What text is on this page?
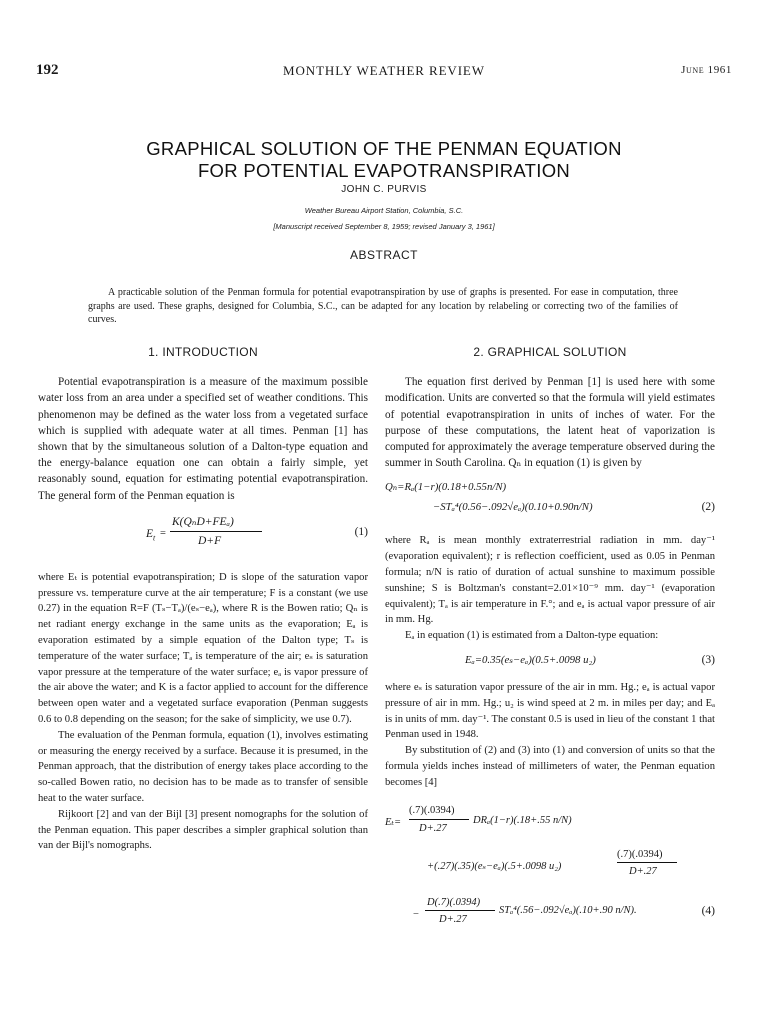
192	MONTHLY WEATHER REVIEW	June 1961
GRAPHICAL SOLUTION OF THE PENMAN EQUATION
FOR POTENTIAL EVAPOTRANSPIRATION
JOHN C. PURVIS
Weather Bureau Airport Station, Columbia, S.C.
[Manuscript received September 8, 1959; revised January 3, 1961]
ABSTRACT

A practicable solution of the Penman formula for potential evapotranspiration by use of graphs is presented. For ease in computation, three graphs are used. These graphs, designed for Columbia, S.C., can be adapted for any location by relabeling or correcting two of the families of curves.

1. INTRODUCTION

Potential evapotranspiration is a measure of the maximum possible water loss from an area under a specified set of weather conditions. This phenomenon may be defined as the water loss from a vegetated surface which is supplied with adequate water at all times. Penman [1] has shown that by the simultaneous solution of a Dalton-type equation and the energy-balance equation one can obtain a fairly simple, yet reasonably sound, equation for estimating potential evapotranspiration. The general form of the Penman equation is

$E_t$ =
K(QₙD+FEₐ)
D+F
(1)

where Eₜ is potential evapotranspiration; D is slope of the saturation vapor pressure vs. temperature curve at the air temperature; F is a constant (we use 0.27) in the equation R=F (Tₛ−Tₐ)/(eₛ−eₐ), where R is the Bowen ratio; Qₙ is net radiant energy exchange in the same units as the evaporation; Eₐ is evaporation estimated by a simple equation of the Dalton type; Tₛ is temperature of the water surface; Tₐ is temperature of the air; eₛ is saturation vapor pressure at the temperature of the water surface; eₐ is vapor pressure of the air above the water; and K is a factor applied to account for the difference between open water and a vegetated surface evaporation (Penman suggests 0.6 to 0.8 depending on the season; for the sake of simplicity, we use 0.7).

The evaluation of the Penman formula, equation (1), involves estimating or measuring the energy received by a surface. Because it is presumed, in the Penman approach, that the distribution of energy takes place according to the so-called Bowen ratio, no decision has to be made as to transfer of sensible heat to the water surface.

Rijkoort [2] and van der Bijl [3] present nomographs for the solution of the Penman equation. This paper describes a simpler graphical solution than van der Bijl's nomographs.

2. GRAPHICAL SOLUTION

The equation first derived by Penman [1] is used here with some modification. Units are converted so that the formula will yield estimates of potential evapotranspiration in units of inches of water. For the purpose of these computations, the latent heat of vaporization is computed for approximately the average temperature observed during the summer in South Carolina. Qₙ in equation (1) is given by

Qₙ=Rₐ(1−r)(0.18+0.55n/N)
−STₐ⁴(0.56−.092√eₐ)(0.10+0.90n/N)	(2)

where Rₐ is mean monthly extraterrestrial radiation in mm. day⁻¹ (evaporation equivalent); r is reflection coefficient, used as 0.05 in Penman formula; n/N is ratio of duration of actual sunshine to maximum possible sunshine; S is Boltzman's constant=2.01×10⁻⁹ mm. day⁻¹ (evaporation equivalent); Tₐ is air temperature in F.°; and eₐ is actual vapor pressure of air in mm. Hg.

Eₐ in equation (1) is estimated from a Dalton-type equation:

Eₐ=0.35(eₛ−eₐ)(0.5+.0098 u₂)	(3)

where eₛ is saturation vapor pressure of the air in mm. Hg.; eₐ is actual vapor pressure of air in mm. Hg.; u₂ is wind speed at 2 m. in miles per day; and Eₐ is in units of mm. day⁻¹. The constant 0.5 is used in lieu of the constant 1 that Penman used in 1948.

By substitution of (2) and (3) into (1) and conversion of units so that the formula yields inches instead of millimeters of water, the Penman equation becomes [4]

Eₜ=
(.7)(.0394)
D+.27
DRₐ(1−r)(.18+.55 n/N)
+(.27)(.35)(eₛ−eₐ)(.5+.0098 u₂)
(.7)(.0394)
D+.27
−
D(.7)(.0394)
D+.27
STₐ⁴(.56−.092√eₐ)(.10+.90 n/N).	(4)
